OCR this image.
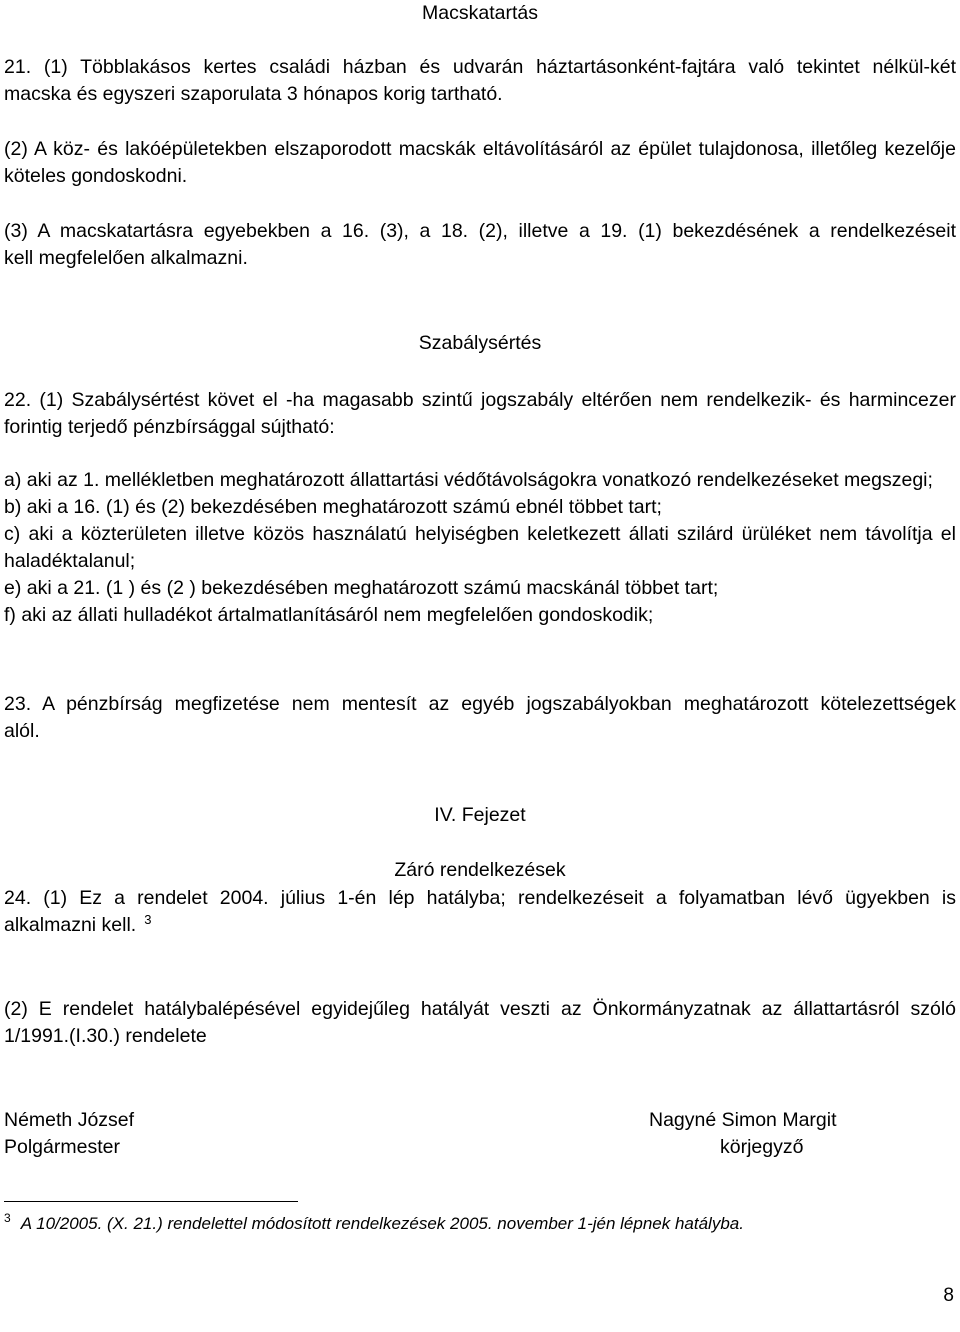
Macskatartás

21. (1) Többlakásos kertes családi házban és udvarán háztartásonként-fajtára való tekintet nélkül-két
macska és egyszeri szaporulata 3 hónapos korig tartható.
(2) A köz- és lakóépületekben elszaporodott macskák eltávolításáról az épület tulajdonosa, illetőleg kezelője
köteles gondoskodni.
(3) A macskatartásra egyebekben a 16. (3), a 18. (2), illetve a 19. (1) bekezdésének a rendelkezéseit
kell megfelelően alkalmazni.

Szabálysértés

22. (1) Szabálysértést követ el -ha magasabb szintű jogszabály eltérően nem rendelkezik- és harmincezer
forintig terjedő pénzbírsággal sújtható:
a) aki az 1. mellékletben meghatározott állattartási védőtávolságokra vonatkozó rendelkezéseket megszegi;
b) aki a 16. (1) és (2) bekezdésében meghatározott számú ebnél többet tart;
c) aki a közterületen illetve közös használatú helyiségben keletkezett állati szilárd ürüléket nem távolítja el
haladéktalanul;
e) aki a 21. (1 ) és (2 ) bekezdésében meghatározott számú macskánál többet tart;
f) aki az állati hulladékot ártalmatlanításáról nem megfelelően gondoskodik;
23. A pénzbírság megfizetése nem mentesít az egyéb jogszabályokban meghatározott kötelezettségek
alól.

IV. Fejezet

Záró rendelkezések

24. (1) Ez a rendelet 2004. július 1-én lép hatályba; rendelkezéseit a folyamatban lévő ügyekben is
alkalmazni kell. $^3$
(2) E rendelet hatálybalépésével egyidejűleg hatályát veszti az Önkormányzatnak az állattartásról szóló
1/1991.(I.30.) rendelete
Németh József
Polgármester
Nagyné Simon Margit
körjegyző
$^3$ A 10/2005. (X. 21.) rendelettel módosított rendelkezések 2005. november 1-jén lépnek hatályba.
8
